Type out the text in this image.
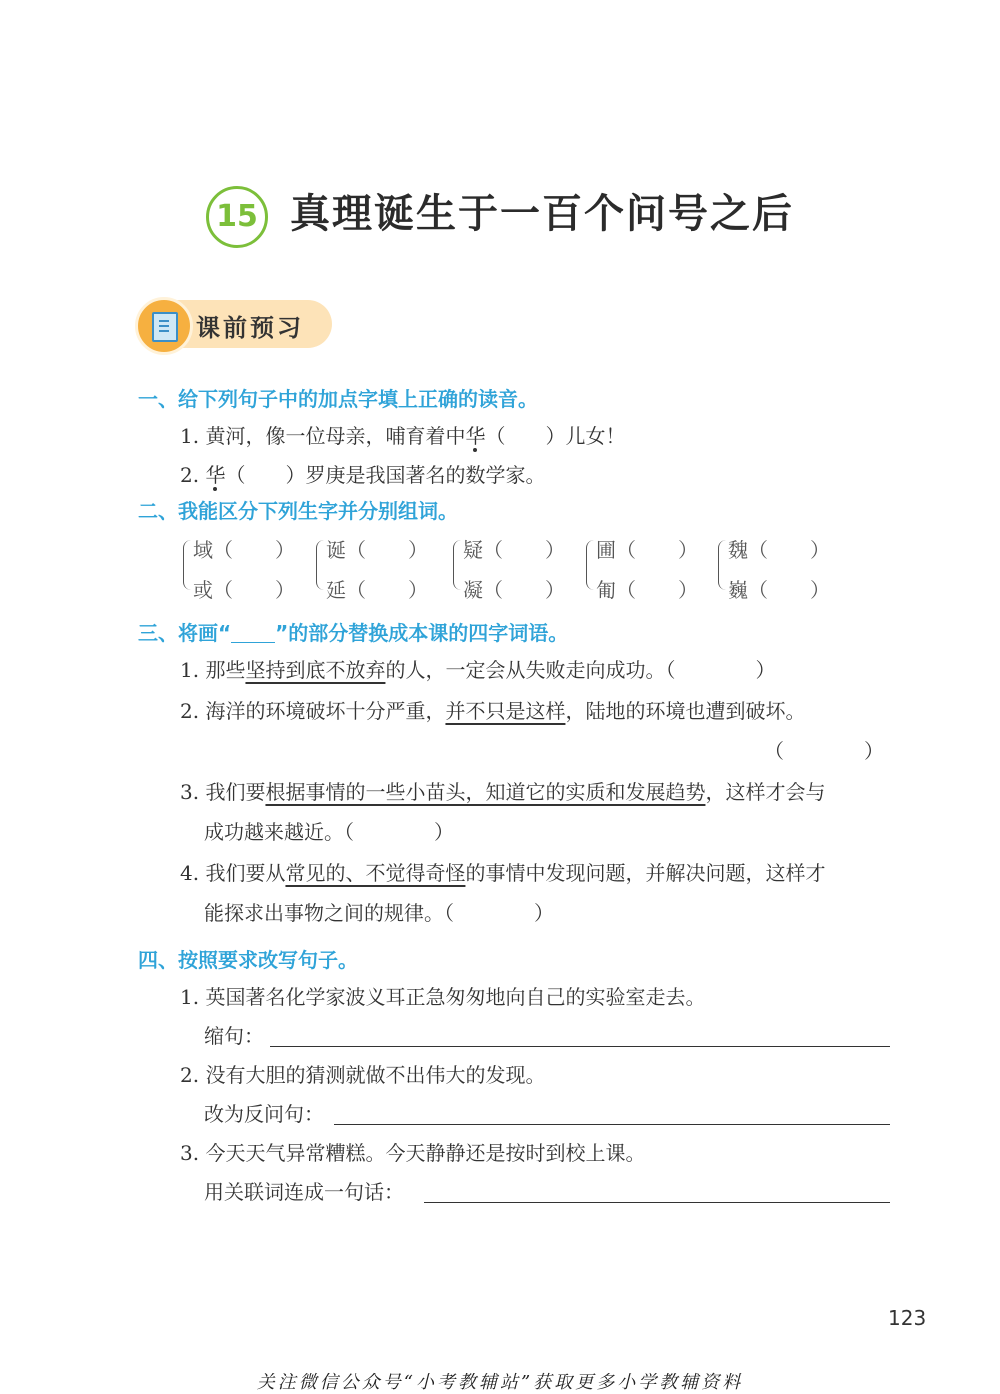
15 真理诞生于一百个问号之后
课前预习
一、给下列句子中的加点字填上正确的读音。
1. 黄河，像一位母亲，哺育着中华（　　）儿女！
2. 华（　　）罗庚是我国著名的数学家。
二、我能区分下列生字并分别组词。
域（ ）
或（ ）
诞（ ）
延（ ）
疑（ ）
凝（ ）
圃（ ）
匍（ ）
魏（ ）
巍（ ）
三、将画“ ”的部分替换成本课的四字词语。
1. 那些坚持到底不放弃的人，一定会从失败走向成功。（　　　　）
2. 海洋的环境破坏十分严重，并不只是这样，陆地的环境也遭到破坏。
（　　　　）
3. 我们要根据事情的一些小苗头，知道它的实质和发展趋势，这样才会与
成功越来越近。（　　　　）
4. 我们要从常见的、不觉得奇怪的事情中发现问题，并解决问题，这样才
能探求出事物之间的规律。（　　　　）
四、按照要求改写句子。
1. 英国著名化学家波义耳正急匆匆地向自己的实验室走去。
缩句：
2. 没有大胆的猜测就做不出伟大的发现。
改为反问句：
3. 今天天气异常糟糕。今天静静还是按时到校上课。
用关联词连成一句话：
123
关注微信公众号“小考教辅站”获取更多小学教辅资料
